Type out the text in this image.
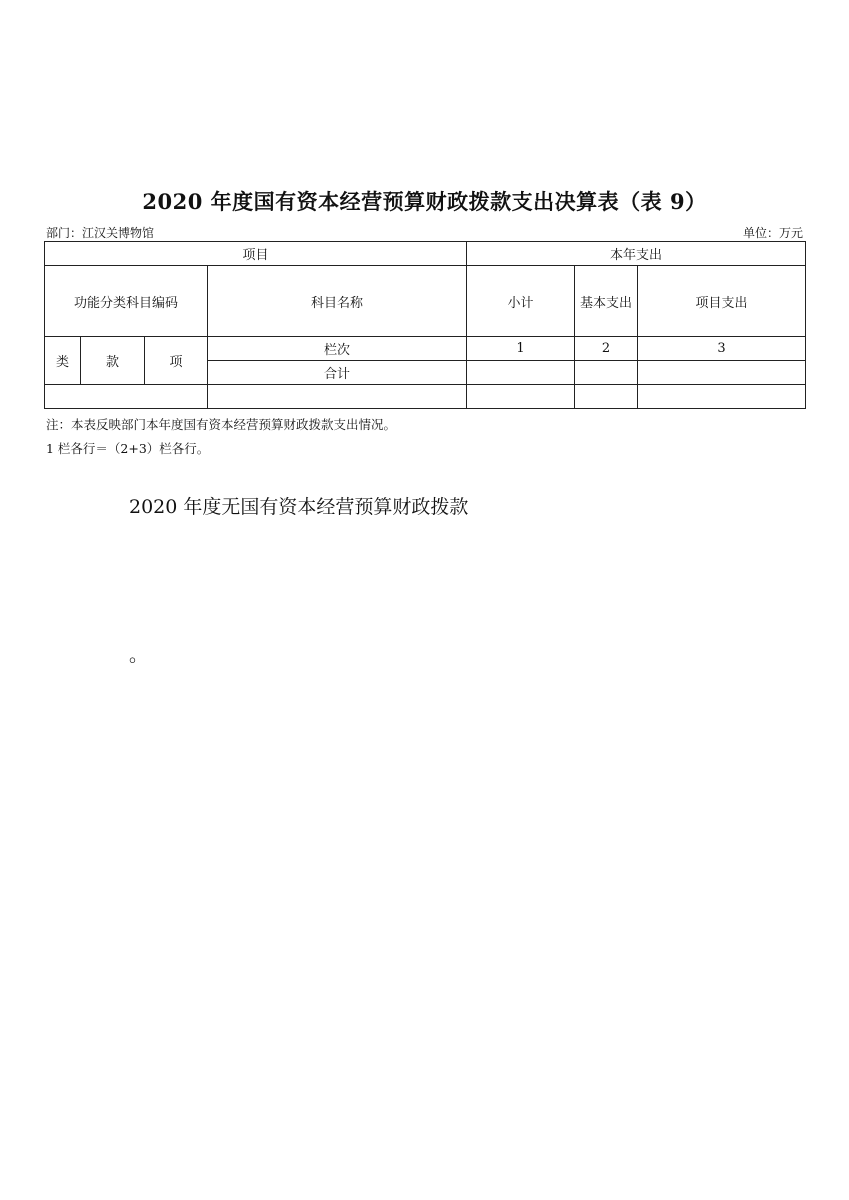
2020 年度国有资本经营预算财政拨款支出决算表（表 9）
部门：江汉关博物馆	单位：万元
项目				本年支出		
功能分类科目编码			科目名称	小计	基本支出	项目支出
类	款	项	栏次	1	2	3
			合计			

注：本表反映部门本年度国有资本经营预算财政拨款支出情况。
1 栏各行＝（2+3）栏各行。
2020 年度无国有资本经营预算财政拨款
。
